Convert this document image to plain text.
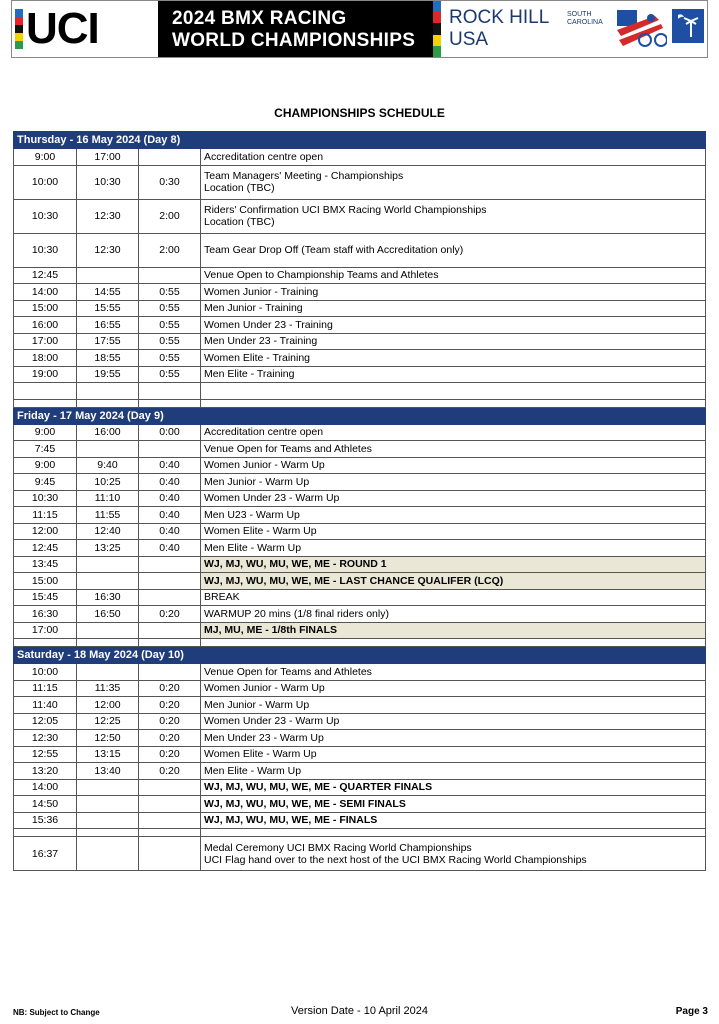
UCI	2024 BMX RACING
WORLD CHAMPIONSHIPS
ROCK HILL
USA
SOUTH
CAROLINA
CHAMPIONSHIPS SCHEDULE
Thursday - 16 May 2024 (Day 8)			
9:00	17:00		Accreditation centre open
10:00	10:30	0:30	Team Managers' Meeting - Championships
Location (TBC)

10:30	12:30	2:00	Riders' Confirmation UCI BMX Racing World Championships
Location (TBC)

10:30	12:30	2:00	Team Gear Drop Off (Team staff with Accreditation only)
12:45			Venue Open to Championship Teams and Athletes
14:00	14:55	0:55	Women Junior - Training
15:00	15:55	0:55	Men Junior - Training
16:00	16:55	0:55	Women Under 23 - Training
17:00	17:55	0:55	Men Under 23 - Training
18:00	18:55	0:55	Women Elite - Training
19:00	19:55	0:55	Men Elite - Training

Friday - 17 May 2024 (Day 9)			
9:00	16:00	0:00	Accreditation centre open
7:45			Venue Open for Teams and Athletes
9:00	9:40	0:40	Women Junior - Warm Up
9:45	10:25	0:40	Men Junior - Warm Up
10:30	11:10	0:40	Women Under 23 - Warm Up
11:15	11:55	0:40	Men U23 - Warm Up
12:00	12:40	0:40	Women Elite - Warm Up
12:45	13:25	0:40	Men Elite - Warm Up
13:45			WJ, MJ, WU, MU, WE, ME - ROUND 1
15:00			WJ, MJ, WU, MU, WE, ME - LAST CHANCE QUALIFER (LCQ)
15:45	16:30		BREAK
16:30	16:50	0:20	WARMUP 20 mins (1/8 final riders only)
17:00			MJ, MU, ME - 1/8th FINALS

Saturday - 18 May 2024 (Day 10)			
10:00			Venue Open for Teams and Athletes
11:15	11:35	0:20	Women Junior - Warm Up
11:40	12:00	0:20	Men Junior - Warm Up
12:05	12:25	0:20	Women Under 23 - Warm Up
12:30	12:50	0:20	Men Under 23 - Warm Up
12:55	13:15	0:20	Women Elite - Warm Up
13:20	13:40	0:20	Men Elite - Warm Up
14:00			WJ, MJ, WU, MU, WE, ME - QUARTER FINALS
14:50			WJ, MJ, WU, MU, WE, ME - SEMI FINALS
15:36			WJ, MJ, WU, MU, WE, ME - FINALS

16:37			Medal Ceremony UCI BMX Racing World Championships
UCI Flag hand over to the next host of the UCI BMX Racing World Championships
NB: Subject to Change	Version Date - 10 April 2024	Page 3
